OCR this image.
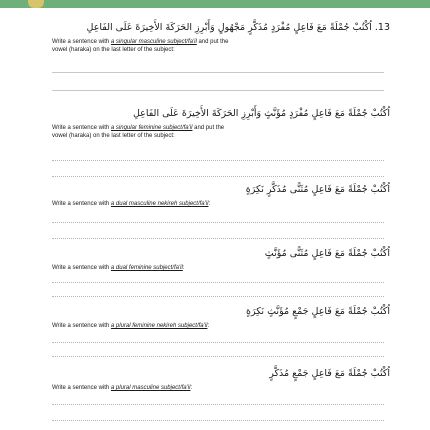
13. اُكْتُبْ جُمْلَةً مَعَ فَاعِلٍ مُفْرَدٍ مُذَكَّرٍ مَجْهُولٍ وَأَبْرِزِ الحَرَكَةَ الأَخِيرَةَ عَلَى الفَاعِلِ
Write a sentence with a singular masculine subject/fa'il and put the
vowel (haraka) on the last letter of the subject:
اُكْتُبْ جُمْلَةً مَعَ فَاعِلٍ مُفْرَدٍ مُؤَنَّثٍ وَأَبْرِزِ الحَرَكَةَ الأَخِيرَةَ عَلَى الفَاعِلِ
Write a sentence with a singular feminine subject/fa'il and put the
vowel (haraka) on the last letter of the subject:
اُكْتُبْ جُمْلَةً مَعَ فَاعِلٍ مُثَنًّى مُذَكَّرٍ نَكِرَةٍ
Write a sentence with a dual masculine nekireh subject/fa'il:
اُكْتُبْ جُمْلَةً مَعَ فَاعِلٍ مُثَنًّى مُؤَنَّثٍ
Write a sentence with a dual feminine subject/fa'il:
اُكْتُبْ جُمْلَةً مَعَ فَاعِلٍ جَمْعٍ مُؤَنَّثٍ نَكِرَةٍ
Write a sentence with a plural feminine nekireh subject/fa'il:
اُكْتُبْ جُمْلَةً مَعَ فَاعِلٍ جَمْعٍ مُذَكَّرٍ
Write a sentence with a plural masculine subject/fa'il:
